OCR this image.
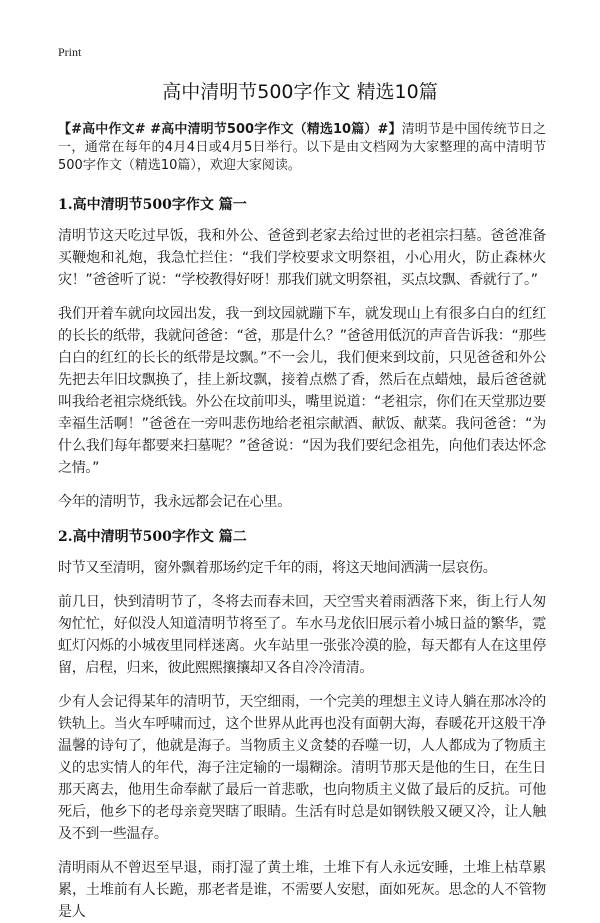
Print
高中清明节500字作文 精选10篇

【#高中作文# #高中清明节500字作文（精选10篇）#】清明节是中国传统节日之一，通常在每年的4月4日或4月5日举行。以下是由文档网为大家整理的高中清明节500字作文（精选10篇），欢迎大家阅读。

1.高中清明节500字作文 篇一

清明节这天吃过早饭，我和外公、爸爸到老家去给过世的老祖宗扫墓。爸爸准备买鞭炮和礼炮，我急忙拦住：“我们学校要求文明祭祖，小心用火，防止森林火灾！”爸爸听了说：“学校教得好呀！那我们就文明祭祖，买点坟飘、香就行了。”

我们开着车就向坟园出发，我一到坟园就蹦下车，就发现山上有很多白白的红红的长长的纸带，我就问爸爸：“爸，那是什么？”爸爸用低沉的声音告诉我：“那些白白的红红的长长的纸带是坟飘。”不一会儿，我们便来到坟前，只见爸爸和外公先把去年旧坟飘换了，挂上新坟飘，接着点燃了香，然后在点蜡烛，最后爸爸就叫我给老祖宗烧纸钱。外公在坟前叩头，嘴里说道：“老祖宗，你们在天堂那边要幸福生活啊！”爸爸在一旁叫悲伤地给老祖宗献酒、献饭、献菜。我问爸爸：“为什么我们每年都要来扫墓呢？”爸爸说：“因为我们要纪念祖先，向他们表达怀念之情。”

今年的清明节，我永远都会记在心里。

2.高中清明节500字作文 篇二

时节又至清明，窗外飘着那场约定千年的雨，将这天地间洒满一层哀伤。

前几日，快到清明节了，冬将去而春未回，天空雪夹着雨洒落下来，街上行人匆匆忙忙，好似没人知道清明节将至了。车水马龙依旧展示着小城日益的繁华，霓虹灯闪烁的小城夜里同样迷离。火车站里一张张冷漠的脸，每天都有人在这里停留，启程，归来，彼此熙熙攘攘却又各自冷冷清清。

少有人会记得某年的清明节，天空细雨，一个完美的理想主义诗人躺在那冰冷的铁轨上。当火车呼啸而过，这个世界从此再也没有面朝大海，春暖花开这般干净温馨的诗句了，他就是海子。当物质主义贪婪的吞噬一切，人人都成为了物质主义的忠实情人的年代，海子注定输的一塌糊涂。清明节那天是他的生日，在生日那天离去，他用生命奉献了最后一首悲歌，也向物质主义做了最后的反抗。可他死后，他乡下的老母亲竟哭瞎了眼睛。生活有时总是如钢铁般又硬又冷，让人触及不到一些温存。

清明雨从不曾迟至早退，雨打湿了黄土堆，土堆下有人永远安睡，土堆上枯草累累，土堆前有人长跪，那老者是谁，不需要人安慰，面如死灰。思念的人不管物是人
